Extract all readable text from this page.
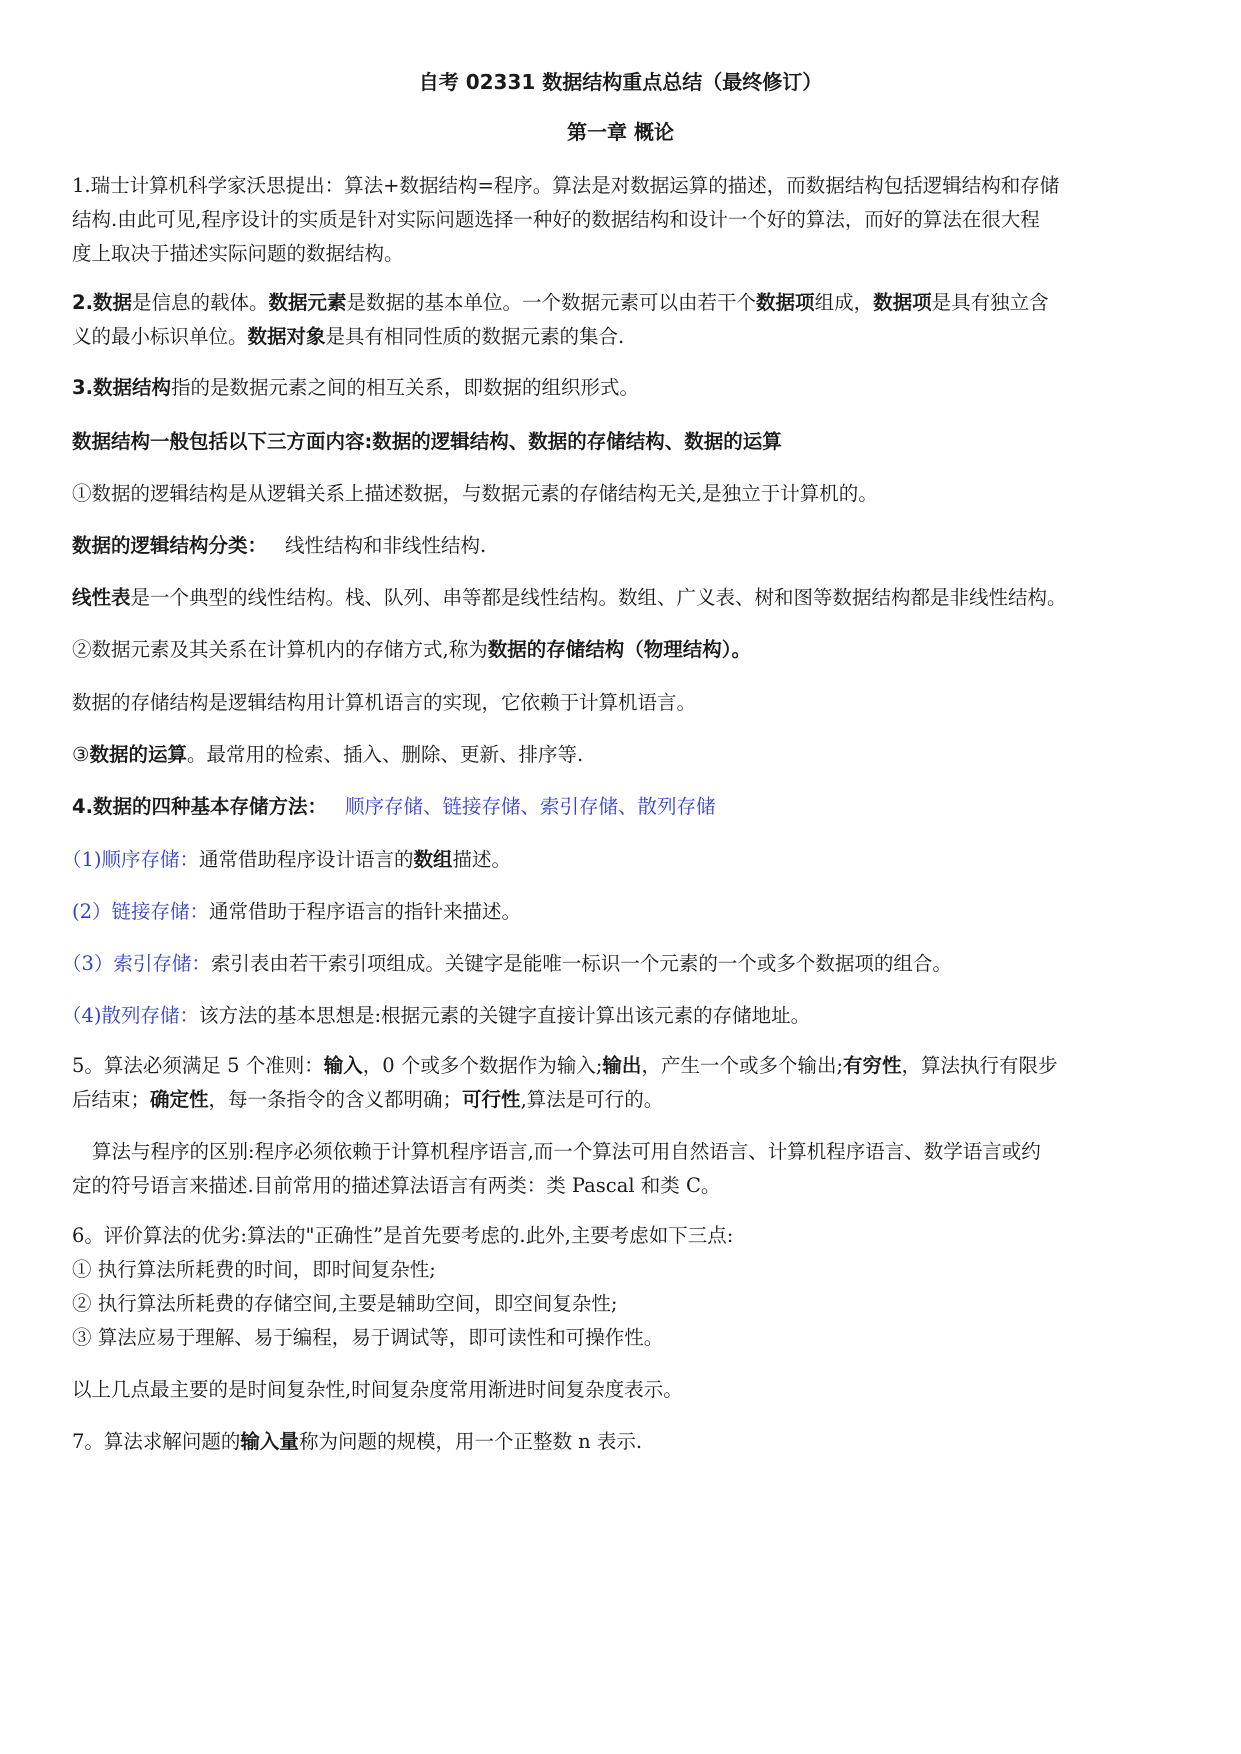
自考 02331 数据结构重点总结（最终修订）
第一章 概论
1.瑞士计算机科学家沃思提出：算法+数据结构=程序。算法是对数据运算的描述，而数据结构包括逻辑结构和存储
结构.由此可见,程序设计的实质是针对实际问题选择一种好的数据结构和设计一个好的算法，而好的算法在很大程
度上取决于描述实际问题的数据结构。
2.数据是信息的载体。数据元素是数据的基本单位。一个数据元素可以由若干个数据项组成，数据项是具有独立含
义的最小标识单位。数据对象是具有相同性质的数据元素的集合.
3.数据结构指的是数据元素之间的相互关系，即数据的组织形式。
数据结构一般包括以下三方面内容:数据的逻辑结构、数据的存储结构、数据的运算
①数据的逻辑结构是从逻辑关系上描述数据，与数据元素的存储结构无关,是独立于计算机的。
数据的逻辑结构分类： 线性结构和非线性结构.
线性表是一个典型的线性结构。栈、队列、串等都是线性结构。数组、广义表、树和图等数据结构都是非线性结构。
②数据元素及其关系在计算机内的存储方式,称为数据的存储结构（物理结构）。
数据的存储结构是逻辑结构用计算机语言的实现，它依赖于计算机语言。
③数据的运算。最常用的检索、插入、删除、更新、排序等.
4.数据的四种基本存储方法： 顺序存储、链接存储、索引存储、散列存储
（1)顺序存储：通常借助程序设计语言的数组描述。
(2）链接存储：通常借助于程序语言的指针来描述。
（3）索引存储：索引表由若干索引项组成。关键字是能唯一标识一个元素的一个或多个数据项的组合。
（4)散列存储：该方法的基本思想是:根据元素的关键字直接计算出该元素的存储地址。
5。算法必须满足 5 个准则：输入，0 个或多个数据作为输入;输出，产生一个或多个输出;有穷性，算法执行有限步
后结束；确定性，每一条指令的含义都明确；可行性,算法是可行的。
算法与程序的区别:程序必须依赖于计算机程序语言,而一个算法可用自然语言、计算机程序语言、数学语言或约
定的符号语言来描述.目前常用的描述算法语言有两类：类 Pascal 和类 C。
6。评价算法的优劣:算法的"正确性”是首先要考虑的.此外,主要考虑如下三点:
① 执行算法所耗费的时间，即时间复杂性;
② 执行算法所耗费的存储空间,主要是辅助空间，即空间复杂性;
③ 算法应易于理解、易于编程，易于调试等，即可读性和可操作性。
以上几点最主要的是时间复杂性,时间复杂度常用渐进时间复杂度表示。
7。算法求解问题的输入量称为问题的规模，用一个正整数 n 表示.
